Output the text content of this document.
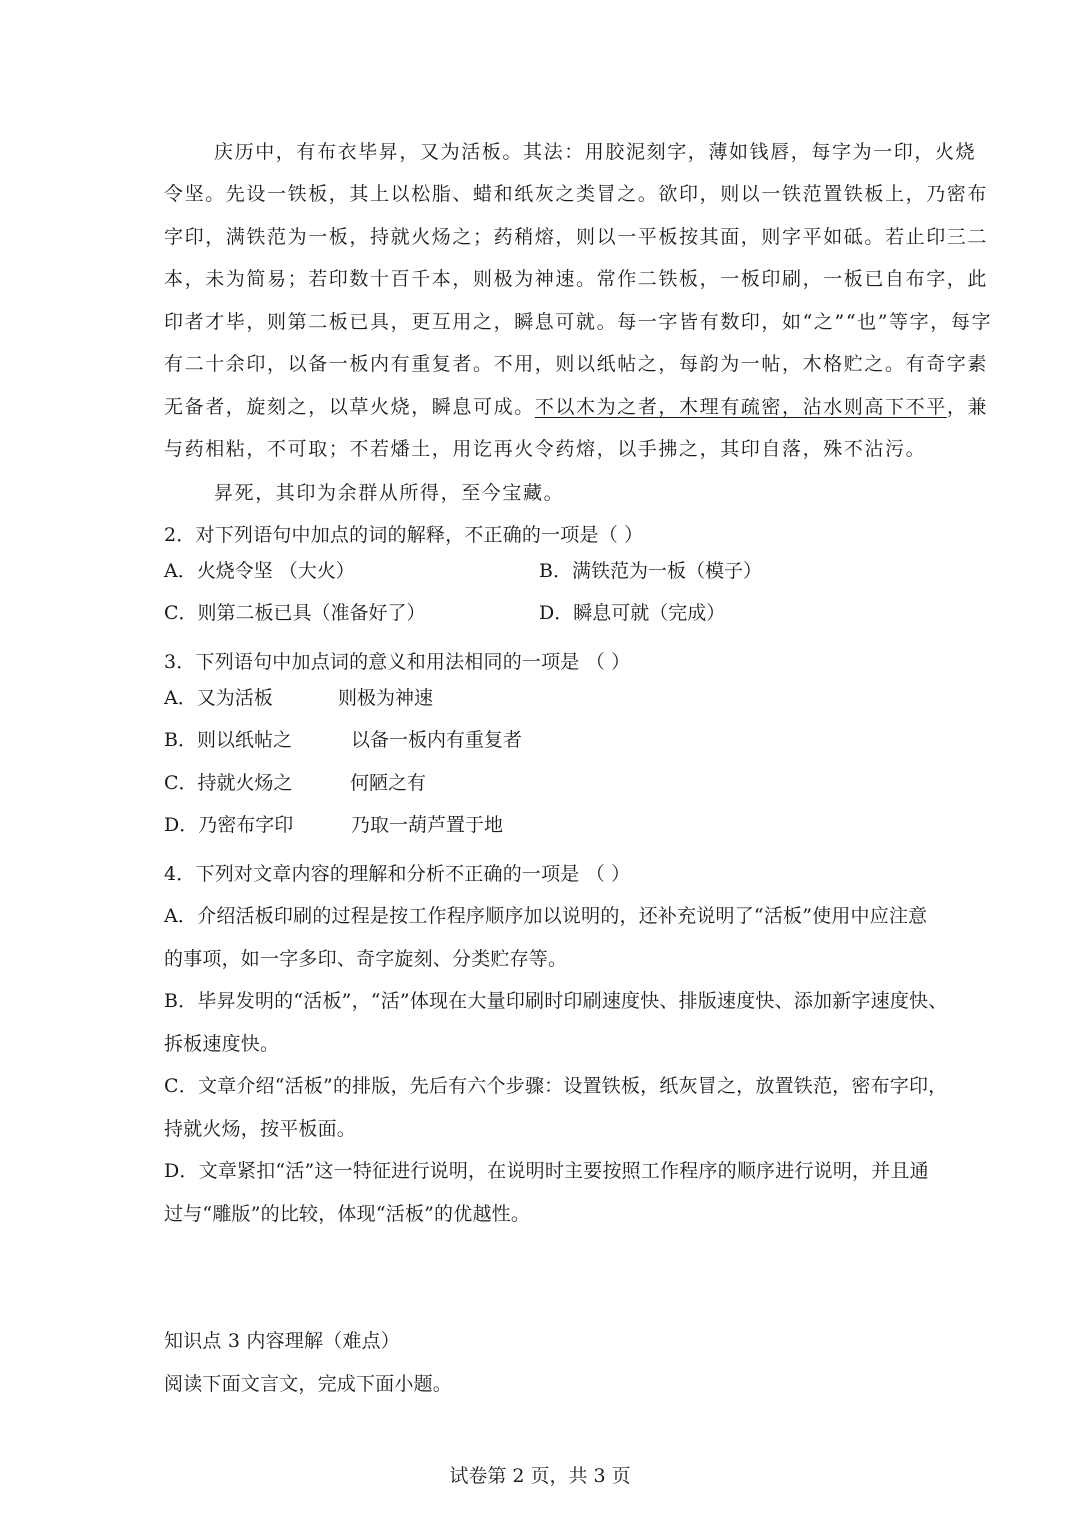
庆历中，有布衣毕昇，又为活板。其法：用胶泥刻字，薄如钱唇，每字为一印，火烧
令坚。先设一铁板，其上以松脂、蜡和纸灰之类冒之。欲印，则以一铁范置铁板上，乃密布
字印，满铁范为一板，持就火炀之；药稍熔，则以一平板按其面，则字平如砥。若止印三二
本，未为简易；若印数十百千本，则极为神速。常作二铁板，一板印刷，一板已自布字，此
印者才毕，则第二板已具，更互用之，瞬息可就。每一字皆有数印，如“之”“也”等字，每字
有二十余印，以备一板内有重复者。不用，则以纸帖之，每韵为一帖，木格贮之。有奇字素
无备者，旋刻之，以草火烧，瞬息可成。不以木为之者，木理有疏密，沾水则高下不平，兼
与药相粘，不可取；不若燔土，用讫再火令药熔，以手拂之，其印自落，殊不沾污。
昇死，其印为余群从所得，至今宝藏。
2．对下列语句中加点的词的解释，不正确的一项是（ ）
A．火烧令坚 （大火）	B．满铁范为一板（模子）
C．则第二板已具（准备好了）	D．瞬息可就（完成）
3．下列语句中加点词的意义和用法相同的一项是 （ ）
A．又为活板	则极为神速
B．则以纸帖之	以备一板内有重复者
C．持就火炀之	何陋之有
D．乃密布字印	乃取一葫芦置于地
4．下列对文章内容的理解和分析不正确的一项是 （ ）
A．介绍活板印刷的过程是按工作程序顺序加以说明的，还补充说明了“活板”使用中应注意
的事项，如一字多印、奇字旋刻、分类贮存等。
B．毕昇发明的“活板”，“活”体现在大量印刷时印刷速度快、排版速度快、添加新字速度快、
拆板速度快。
C．文章介绍“活板”的排版，先后有六个步骤：设置铁板，纸灰冒之，放置铁范，密布字印，
持就火炀，按平板面。
D．文章紧扣“活”这一特征进行说明，在说明时主要按照工作程序的顺序进行说明，并且通
过与“雕版”的比较，体现“活板”的优越性。
知识点 3 内容理解（难点）
阅读下面文言文，完成下面小题。
试卷第 2 页，共 3 页
